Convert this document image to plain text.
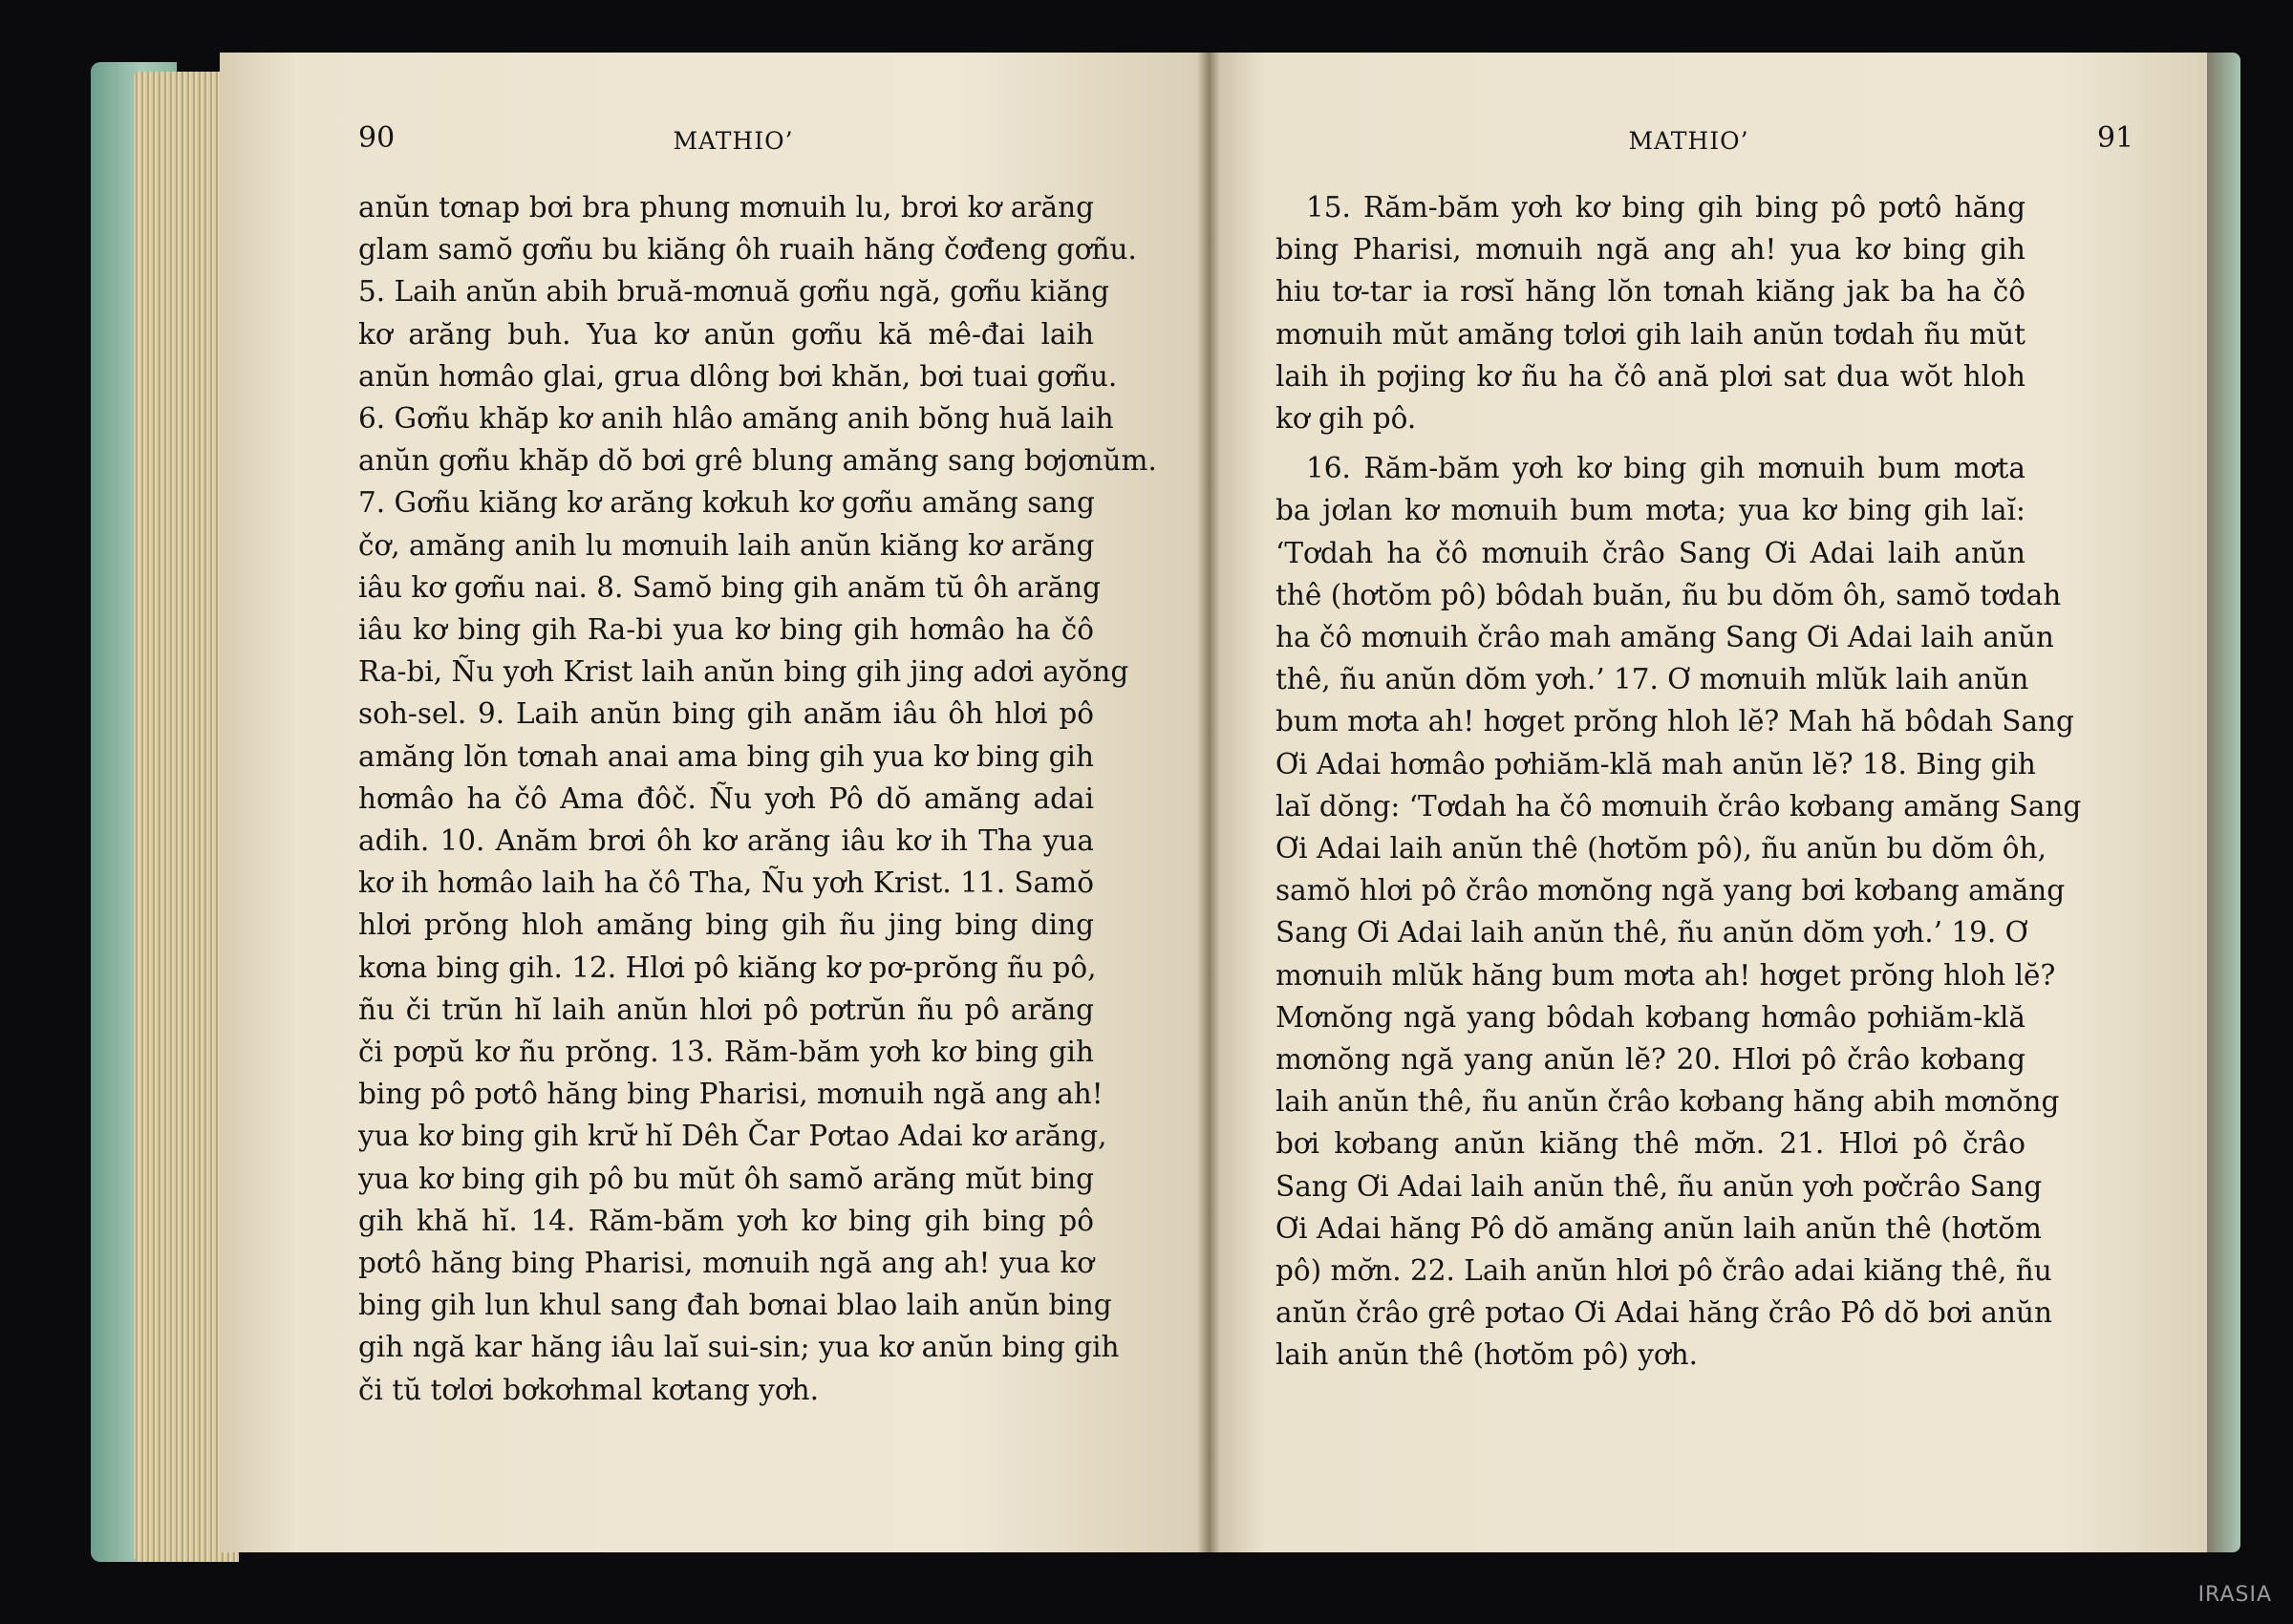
90	MATHIO’
anŭn tơnap bơi bra phung mơnuih lu, brơi kơ arăng
glam samŏ gơñu bu kiăng ôh ruaih hăng čơđeng gơñu.
5. Laih anŭn abih bruă-mơnuă gơñu ngă, gơñu kiăng
kơ arăng buh. Yua kơ anŭn gơñu kă mê-đai laih
anŭn hơmâo glai, grua dlông bơi khăn, bơi tuai gơñu.
6. Gơñu khăp kơ anih hlâo amăng anih bŏng huă laih
anŭn gơñu khăp dŏ bơi grê blung amăng sang bơjơnŭm.
7. Gơñu kiăng kơ arăng kơkuh kơ gơñu amăng sang
čơ, amăng anih lu mơnuih laih anŭn kiăng kơ arăng
iâu kơ gơñu nai. 8. Samŏ bing gih anăm tŭ ôh arăng
iâu kơ bing gih Ra-bi yua kơ bing gih hơmâo ha čô
Ra-bi, Ñu yơh Krist laih anŭn bing gih jing adơi ayŏng
soh-sel. 9. Laih anŭn bing gih anăm iâu ôh hlơi pô
amăng lŏn tơnah anai ama bing gih yua kơ bing gih
hơmâo ha čô Ama đôč. Ñu yơh Pô dŏ amăng adai
adih. 10. Anăm brơi ôh kơ arăng iâu kơ ih Tha yua
kơ ih hơmâo laih ha čô Tha, Ñu yơh Krist. 11. Samŏ
hlơi prŏng hloh amăng bing gih ñu jing bing ding
kơna bing gih. 12. Hlơi pô kiăng kơ pơ-prŏng ñu pô,
ñu či trŭn hĭ laih anŭn hlơi pô pơtrŭn ñu pô arăng
či pơpŭ kơ ñu prŏng. 13. Răm-băm yơh kơ bing gih
bing pô pơtô hăng bing Pharisi, mơnuih ngă ang ah!
yua kơ bing gih krư̆ hĭ Dêh Čar Pơtao Adai kơ arăng,
yua kơ bing gih pô bu mŭt ôh samŏ arăng mŭt bing
gih khă hĭ. 14. Răm-băm yơh kơ bing gih bing pô
pơtô hăng bing Pharisi, mơnuih ngă ang ah! yua kơ
bing gih lun khul sang đah bơnai blao laih anŭn bing
gih ngă kar hăng iâu laĭ sui-sin; yua kơ anŭn bing gih
či tŭ tơlơi bơkơhmal kơtang yơh.
MATHIO’	91
15. Răm-băm yơh kơ bing gih bing pô pơtô hăng
bing Pharisi, mơnuih ngă ang ah! yua kơ bing gih
hiu tơ-tar ia rơsĭ hăng lŏn tơnah kiăng jak ba ha čô
mơnuih mŭt amăng tơlơi gih laih anŭn tơdah ñu mŭt
laih ih pơjing kơ ñu ha čô ană plơi sat dua wŏt hloh
kơ gih pô.
16. Răm-băm yơh kơ bing gih mơnuih bum mơta
ba jơlan kơ mơnuih bum mơta; yua kơ bing gih laĭ:
‘Tơdah ha čô mơnuih črâo Sang Ơi Adai laih anŭn
thê (hơtŏm pô) bôdah buăn, ñu bu dŏm ôh, samŏ tơdah
ha čô mơnuih črâo mah amăng Sang Ơi Adai laih anŭn
thê, ñu anŭn dŏm yơh.’ 17. Ơ mơnuih mlŭk laih anŭn
bum mơta ah! hơget prŏng hloh lĕ? Mah hă bôdah Sang
Ơi Adai hơmâo pơhiăm-klă mah anŭn lĕ? 18. Bing gih
laĭ dŏng: ‘Tơdah ha čô mơnuih črâo kơbang amăng Sang
Ơi Adai laih anŭn thê (hơtŏm pô), ñu anŭn bu dŏm ôh,
samŏ hlơi pô črâo mơnŏng ngă yang bơi kơbang amăng
Sang Ơi Adai laih anŭn thê, ñu anŭn dŏm yơh.’ 19. Ơ
mơnuih mlŭk hăng bum mơta ah! hơget prŏng hloh lĕ?
Mơnŏng ngă yang bôdah kơbang hơmâo pơhiăm-klă
mơnŏng ngă yang anŭn lĕ? 20. Hlơi pô črâo kơbang
laih anŭn thê, ñu anŭn črâo kơbang hăng abih mơnŏng
bơi kơbang anŭn kiăng thê mơ̆n. 21. Hlơi pô črâo
Sang Ơi Adai laih anŭn thê, ñu anŭn yơh pơčrâo Sang
Ơi Adai hăng Pô dŏ amăng anŭn laih anŭn thê (hơtŏm
pô) mơ̆n. 22. Laih anŭn hlơi pô črâo adai kiăng thê, ñu
anŭn črâo grê pơtao Ơi Adai hăng črâo Pô dŏ bơi anŭn
laih anŭn thê (hơtŏm pô) yơh.
IRASIA
